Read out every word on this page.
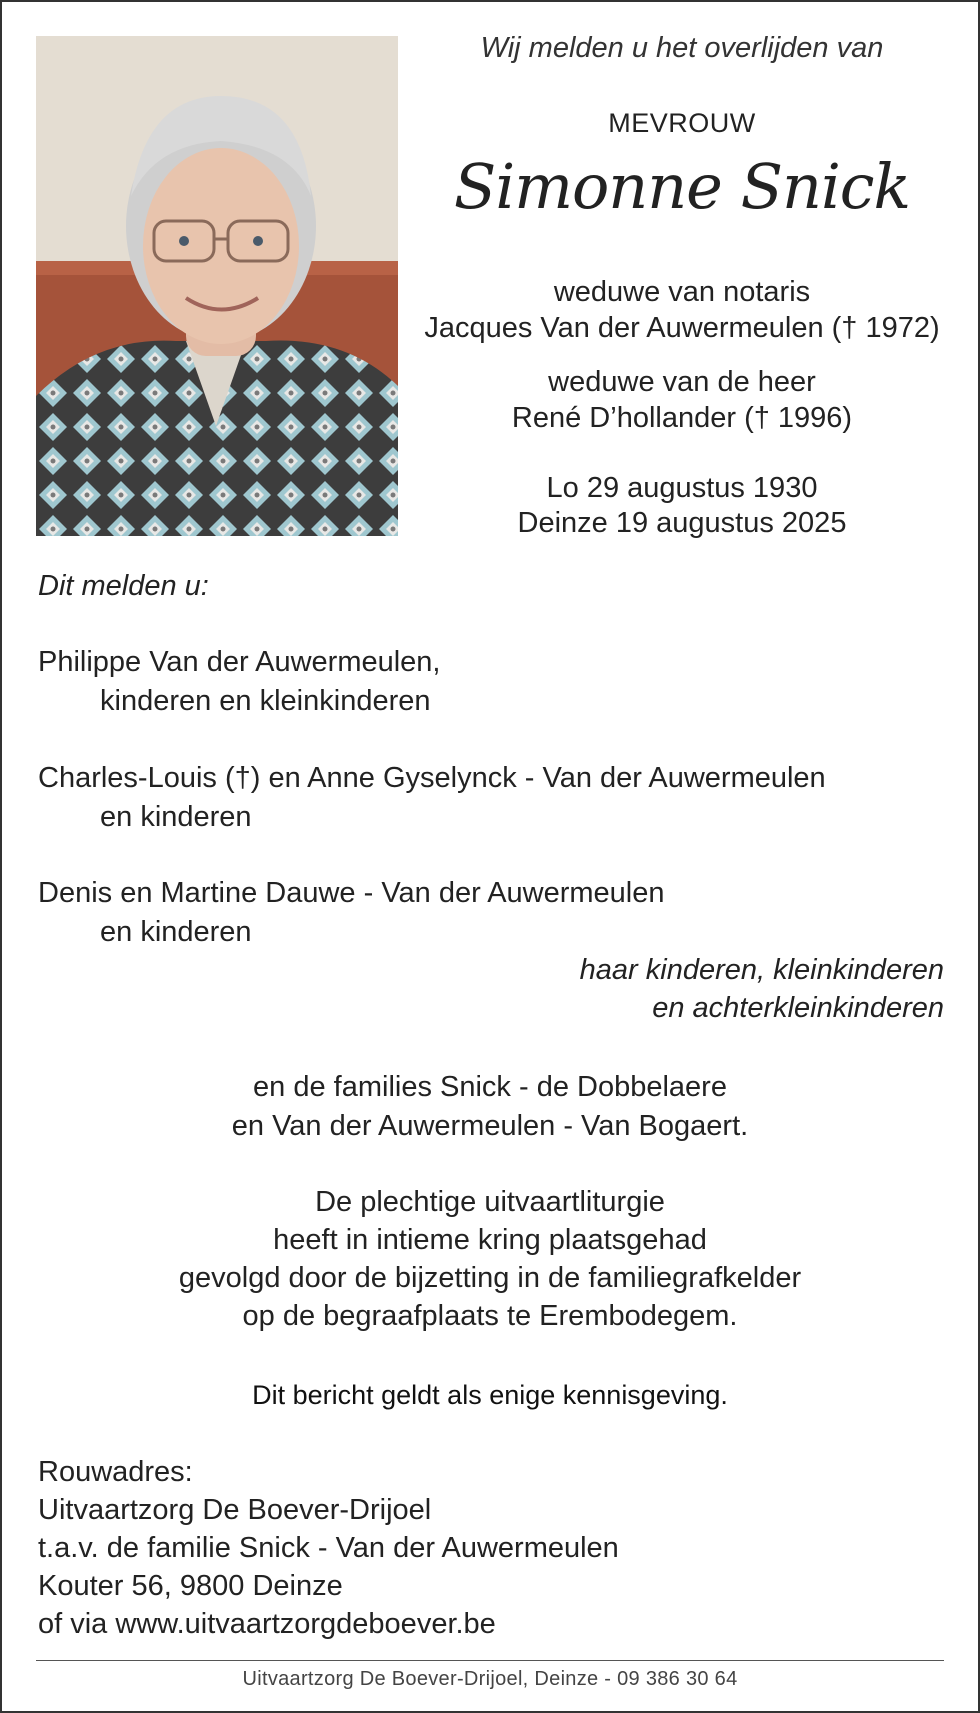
Wij melden u het overlijden van
MEVROUW
Simonne Snick
weduwe van notaris
Jacques Van der Auwermeulen († 1972)
weduwe van de heer
René D’hollander († 1996)
Lo 29 augustus 1930
Deinze 19 augustus 2025
Dit melden u:
Philippe Van der Auwermeulen,
kinderen en kleinkinderen
Charles-Louis (†) en Anne Gyselynck - Van der Auwermeulen
en kinderen
Denis en Martine Dauwe - Van der Auwermeulen
en kinderen
haar kinderen, kleinkinderen
en achterkleinkinderen
en de families Snick - de Dobbelaere
en Van der Auwermeulen - Van Bogaert.
De plechtige uitvaartliturgie
heeft in intieme kring plaatsgehad
gevolgd door de bijzetting in de familiegrafkelder
op de begraafplaats te Erembodegem.
Dit bericht geldt als enige kennisgeving.
Rouwadres:
Uitvaartzorg De Boever-Drijoel
t.a.v. de familie Snick - Van der Auwermeulen
Kouter 56, 9800 Deinze
of via www.uitvaartzorgdeboever.be
Uitvaartzorg De Boever-Drijoel, Deinze - 09 386 30 64
